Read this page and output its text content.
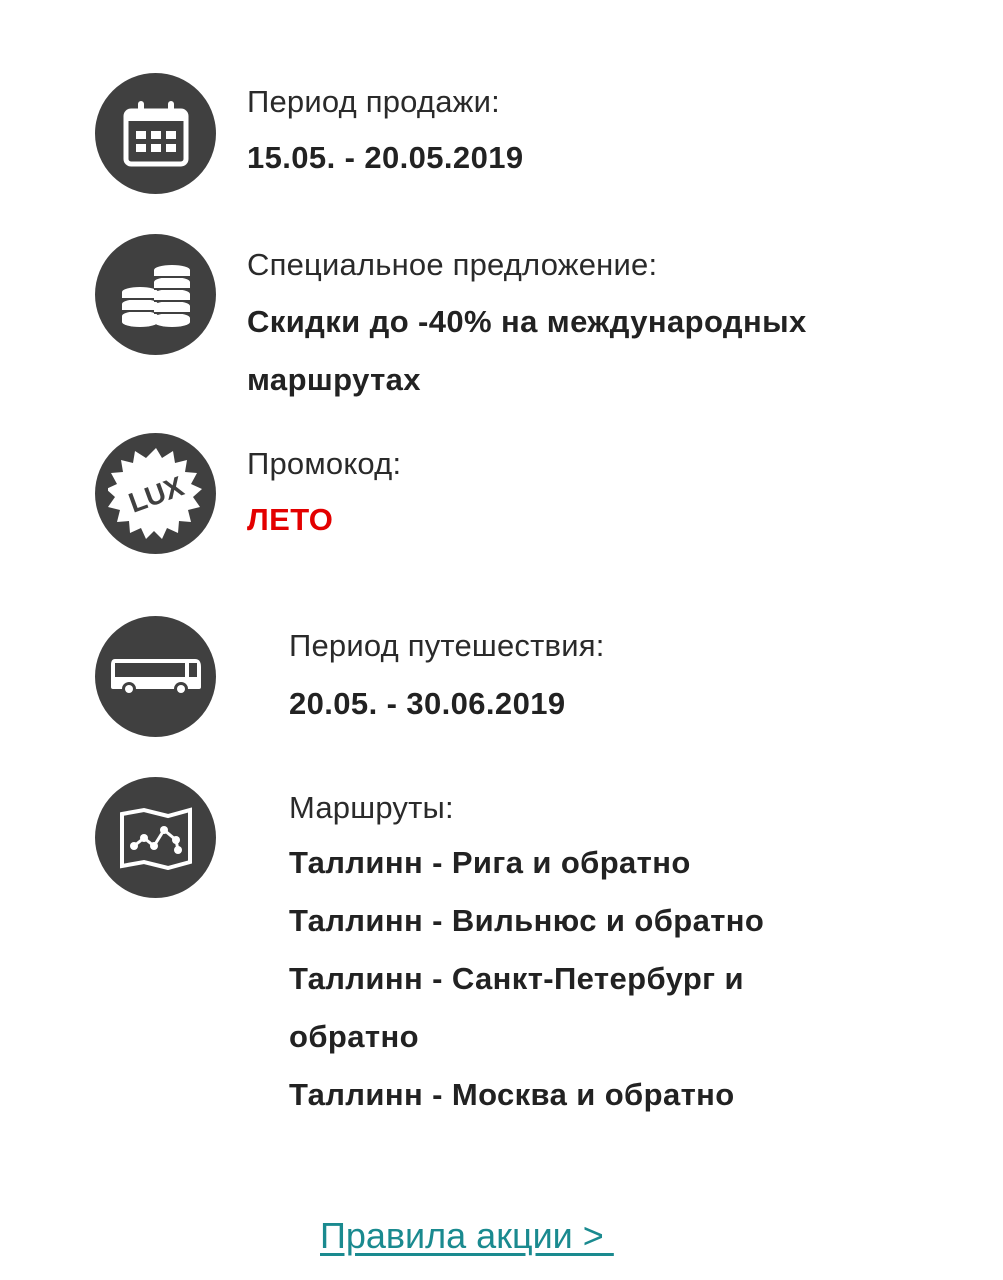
Период продажи:
15.05. - 20.05.2019
Специальное предложение:
Скидки до -40% на международных маршрутах
LUX
Промокод:
ЛЕТО
Период путешествия:
20.05. - 30.06.2019
Маршруты:
Таллинн - Рига и обратно
Таллинн - Вильнюс и обратно
Таллинн - Санкт-Петербург и обратно
Таллинн - Москва и обратно
Правила акции >
